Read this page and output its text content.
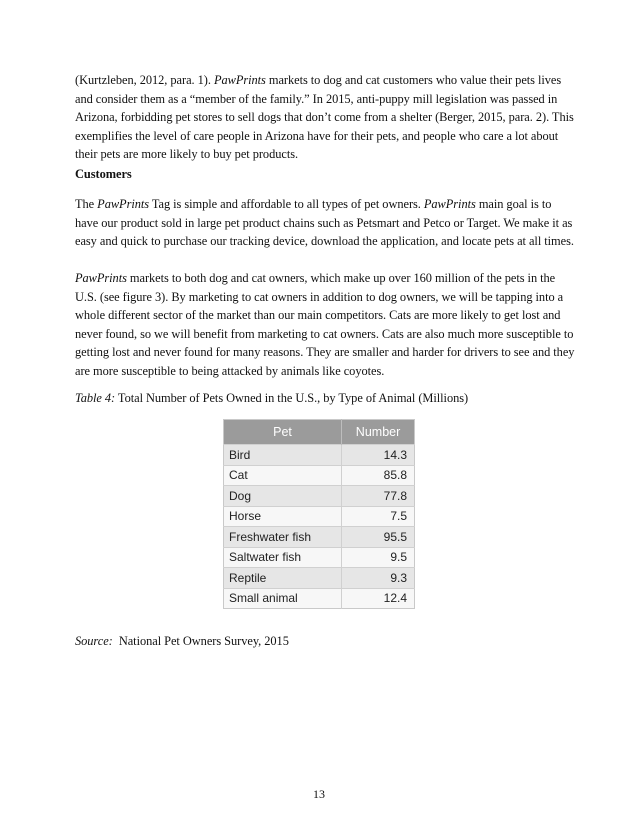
(Kurtzleben, 2012, para. 1). PawPrints markets to dog and cat customers who value their pets lives and consider them as a “member of the family.” In 2015, anti-puppy mill legislation was passed in Arizona, forbidding pet stores to sell dogs that don’t come from a shelter (Berger, 2015, para. 2). This exemplifies the level of care people in Arizona have for their pets, and people who care a lot about their pets are more likely to buy pet products.

Customers

The PawPrints Tag is simple and affordable to all types of pet owners. PawPrints main goal is to have our product sold in large pet product chains such as Petsmart and Petco or Target. We make it as easy and quick to purchase our tracking device, download the application, and locate pets at all times.

PawPrints markets to both dog and cat owners, which make up over 160 million of the pets in the U.S. (see figure 3). By marketing to cat owners in addition to dog owners, we will be tapping into a whole different sector of the market than our main competitors. Cats are more likely to get lost and never found, so we will benefit from marketing to cat owners. Cats are also much more susceptible to getting lost and never found for many reasons. They are smaller and harder for drivers to see and they are more susceptible to being attacked by animals like coyotes.

Table 4: Total Number of Pets Owned in the U.S., by Type of Animal (Millions)

Pet	Number
Bird	14.3
Cat	85.8
Dog	77.8
Horse	7.5
Freshwater fish	95.5
Saltwater fish	9.5
Reptile	9.3
Small animal	12.4

Source:  National Pet Owners Survey, 2015

13
